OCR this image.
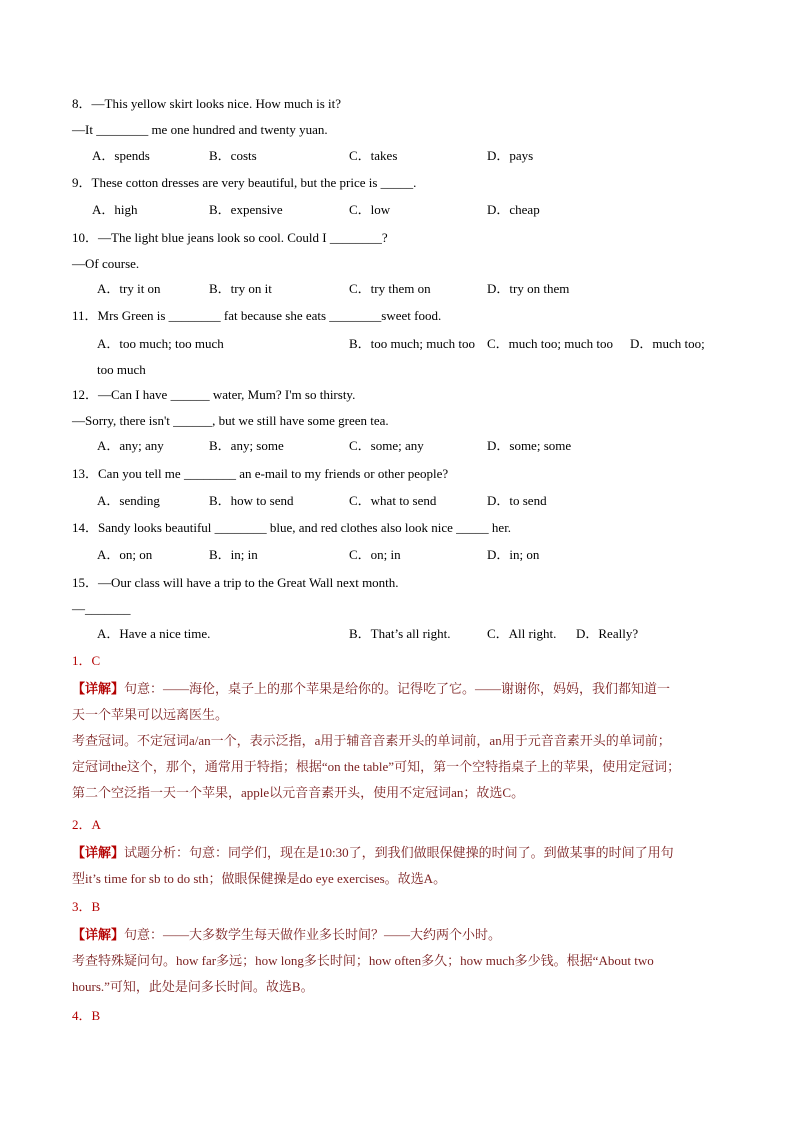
8．—This yellow skirt looks nice. How much is it?
—It ________ me one hundred and twenty yuan.
A．spends	B．costs	C．takes	D．pays
9．These cotton dresses are very beautiful, but the price is _____.
A．high	B．expensive	C．low	D．cheap
10．—The light blue jeans look so cool. Could I ________?
—Of course.
A．try it on	B．try on it	C．try them on	D．try on them
11．Mrs Green is ________ fat because she eats ________sweet food.
A．too much; too much	B．too much; much too C．much too; much too D．much too;
too much
12．—Can I have ______ water, Mum? I'm so thirsty.
—Sorry, there isn't ______, but we still have some green tea.
A．any; any	B．any; some	C．some; any	D．some; some
13．Can you tell me ________ an e-mail to my friends or other people?
A．sending	B．how to send	C．what to send	D．to send
14．Sandy looks beautiful ________ blue, and red clothes also look nice _____ her.
A．on; on	B．in; in	C．on; in	D．in; on
15．—Our class will have a trip to the Great Wall next month.
—_______
A．Have a nice time.	B．That’s all right.	C．All right. D．Really?
1．C
【详解】句意：——海伦，桌子上的那个苹果是给你的。记得吃了它。——谢谢你，妈妈，我们都知道一
天一个苹果可以远离医生。
考查冠词。不定冠词a/an一个，表示泛指，a用于辅音音素开头的单词前，an用于元音音素开头的单词前；
定冠词the这个，那个，通常用于特指；根据“on the table”可知，第一个空特指桌子上的苹果，使用定冠词；
第二个空泛指一天一个苹果，apple以元音音素开头，使用不定冠词an；故选C。
2．A
【详解】试题分析：句意：同学们，现在是10:30了，到我们做眼保健操的时间了。到做某事的时间了用句
型it’s time for sb to do sth；做眼保健操是do eye exercises。故选A。
3．B
【详解】句意：——大多数学生每天做作业多长时间？——大约两个小时。
考查特殊疑问句。how far多远；how long多长时间；how often多久；how much多少钱。根据“About two
hours.”可知，此处是问多长时间。故选B。
4．B
